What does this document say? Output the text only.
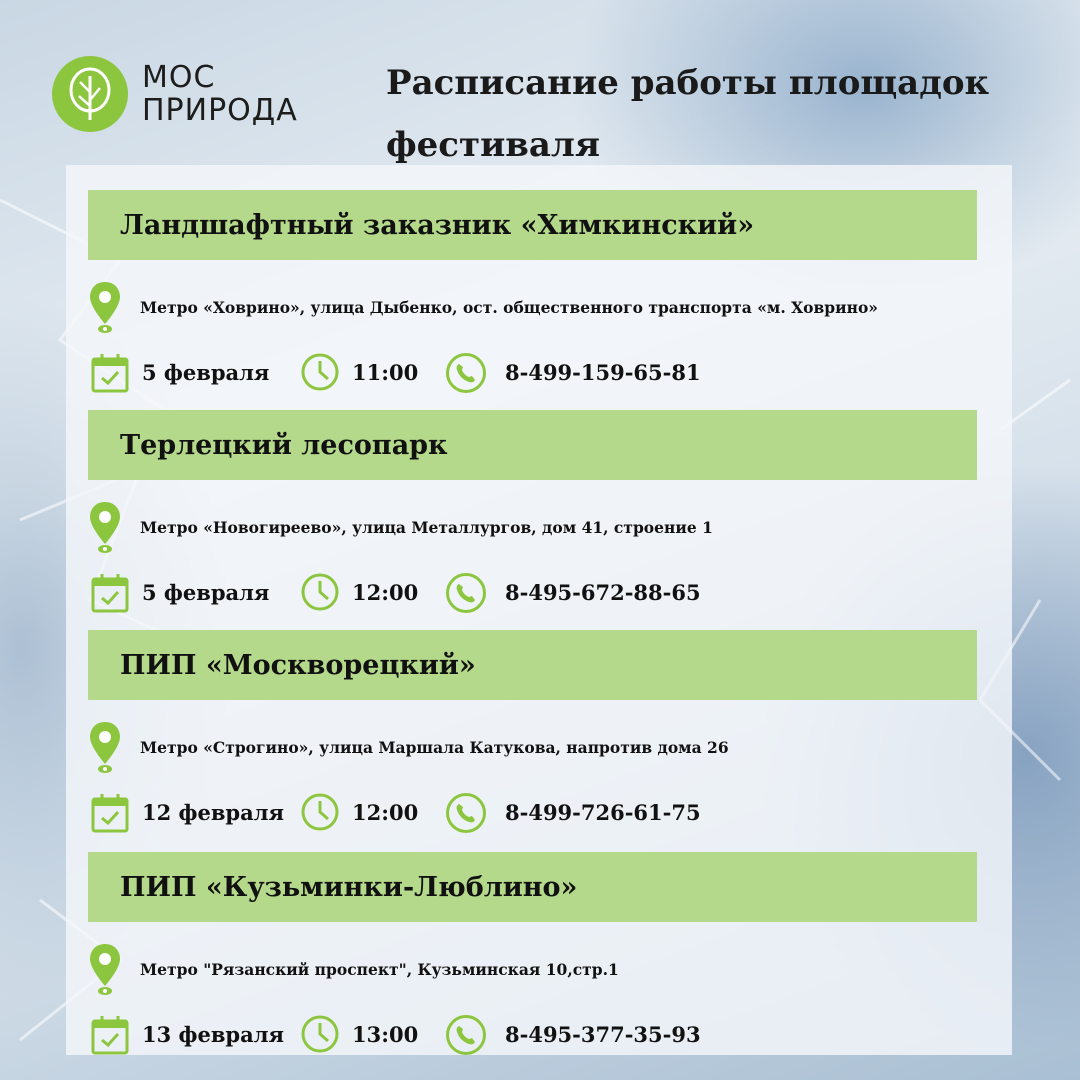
МОС
ПРИРОДА
Расписание работы площадок фестиваля
Ландшафтный заказник «Химкинский»
Метро «Ховрино», улица Дыбенко, ост. общественного транспорта «м. Ховрино»
5 февраля	11:00	8-499-159-65-81
Терлецкий лесопарк
Метро «Новогиреево», улица Металлургов, дом 41, строение 1
5 февраля	12:00	8-495-672-88-65
ПИП «Москворецкий»
Метро «Строгино», улица Маршала Катукова, напротив дома 26
12 февраля	12:00	8-499-726-61-75
ПИП «Кузьминки-Люблино»
Метро "Рязанский проспект", Кузьминская 10,стр.1
13 февраля	13:00	8-495-377-35-93
